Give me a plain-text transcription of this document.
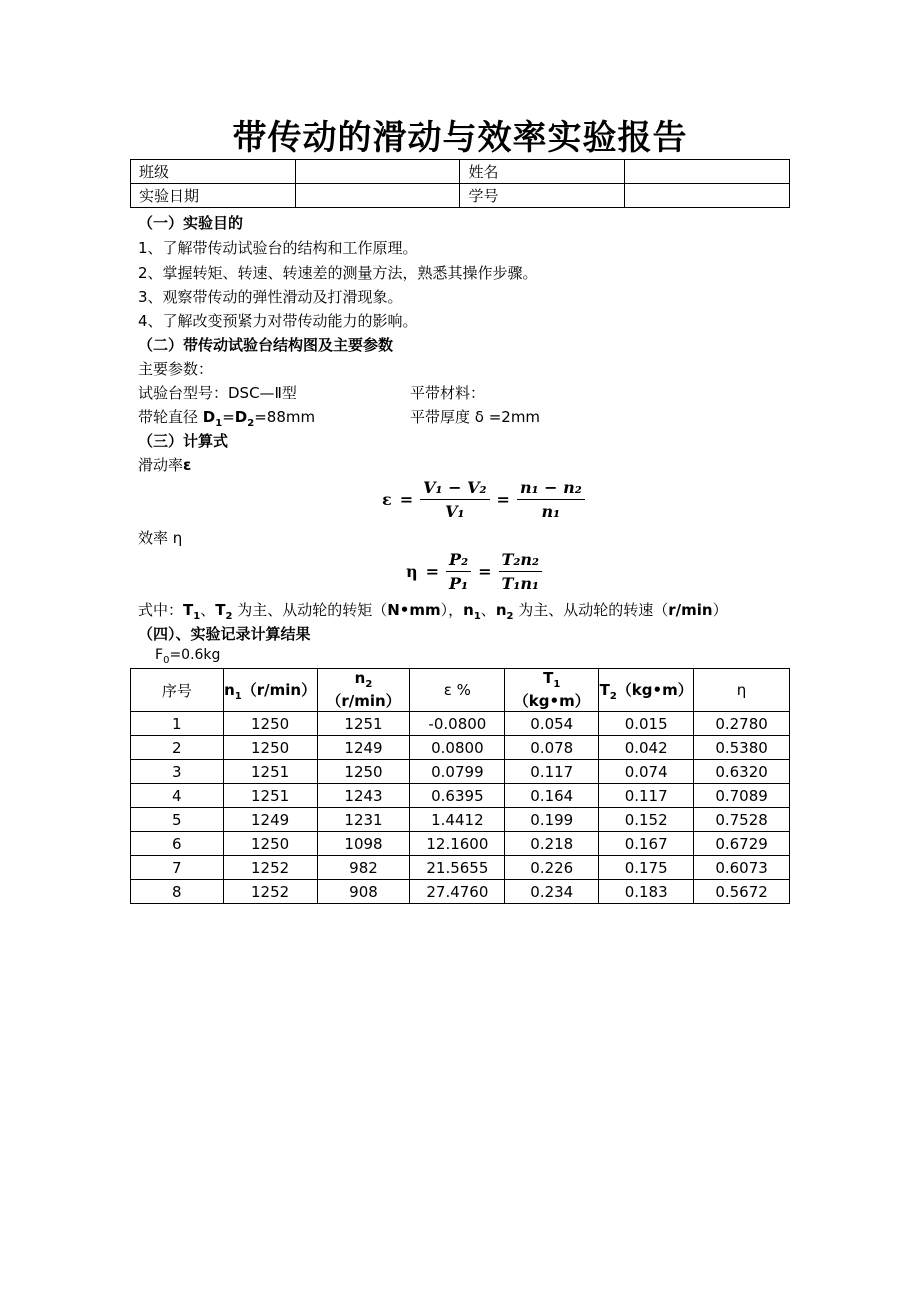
带传动的滑动与效率实验报告
班级		姓名	
实验日期		学号	
（一）实验目的
1、了解带传动试验台的结构和工作原理。
2、掌握转矩、转速、转速差的测量方法，熟悉其操作步骤。
3、观察带传动的弹性滑动及打滑现象。
4、了解改变预紧力对带传动能力的影响。
（二）带传动试验台结构图及主要参数
主要参数：
试验台型号：DSC—Ⅱ型	平带材料：
带轮直径 $D_1=D_2=88mm$	平带厚度 δ =2mm
（三）计算式
滑动率ε
$\varepsilon = \frac{\text{V₁ − V₂}}{\text{V₁}} = \frac{\text{n₁ − n₂}}{\text{n₁}}$
效率 η
$\eta = \frac{\text{P₂}}{\text{P₁}} = \frac{\text{T₂n₂}}{\text{T₁n₁}}$
式中：$T_1$、$T_2$ 为主、从动轮的转矩（N•mm），$n_1$、$n_2$ 为主、从动轮的转速（r/min）
（四）、实验记录计算结果
$F_0=0.6kg$
序号	$n_1(r/\min)$	$n_2(r/\min)$	ε %	$T_1(kg•m)$	$T_2(kg•m)$	η
1	1250	1251	-0.0800	0.054	0.015	0.2780
2	1250	1249	0.0800	0.078	0.042	0.5380
3	1251	1250	0.0799	0.117	0.074	0.6320
4	1251	1243	0.6395	0.164	0.117	0.7089
5	1249	1231	1.4412	0.199	0.152	0.7528
6	1250	1098	12.1600	0.218	0.167	0.6729
7	1252	982	21.5655	0.226	0.175	0.6073
8	1252	908	27.4760	0.234	0.183	0.5672
